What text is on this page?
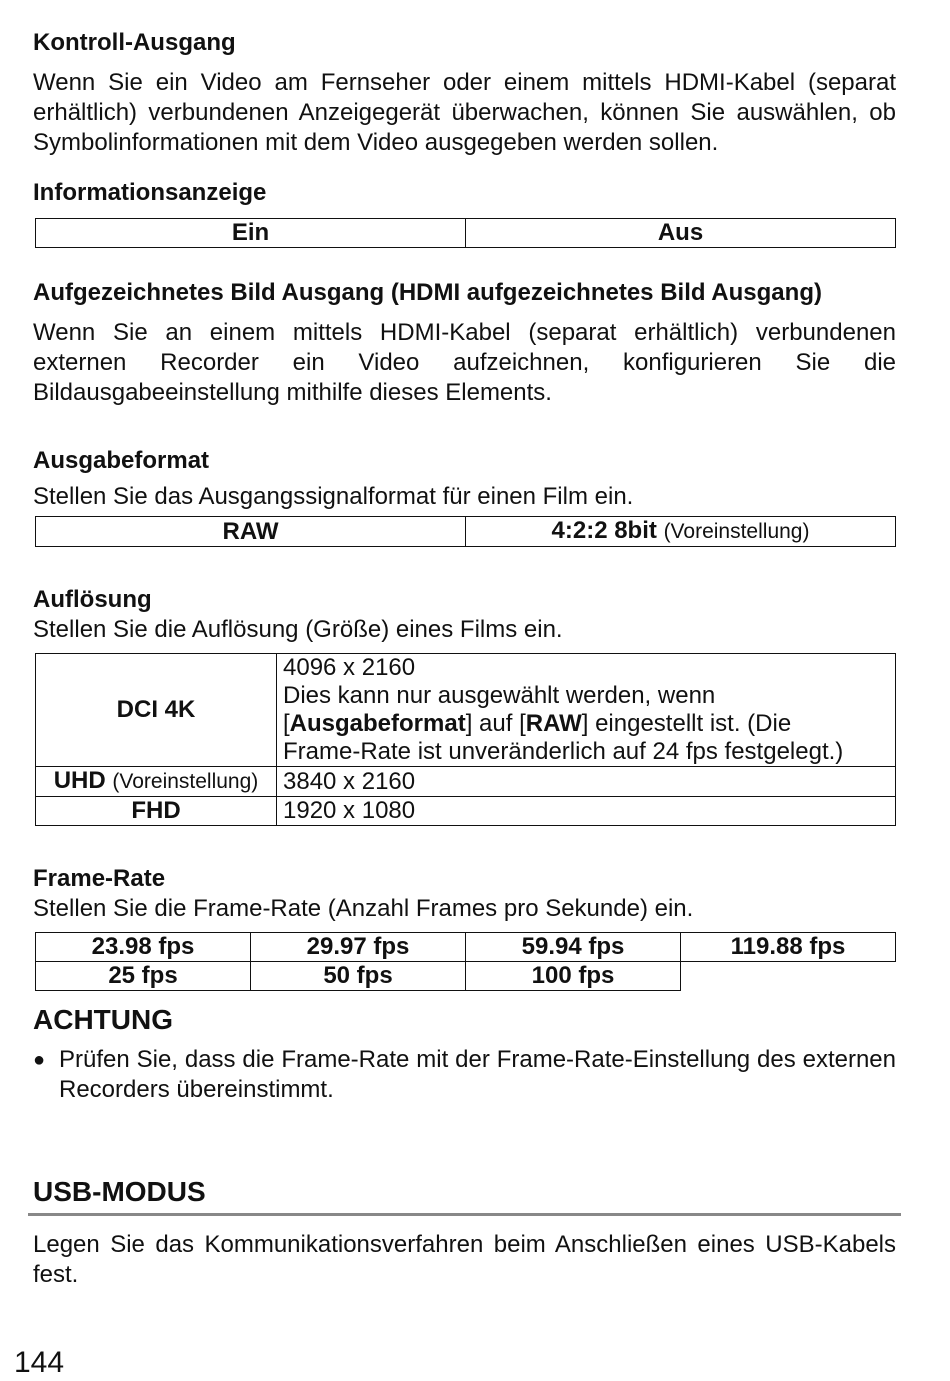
Kontroll-Ausgang

Wenn Sie ein Video am Fernseher oder einem mittels HDMI-Kabel (separat erhältlich) verbundenen Anzeigegerät überwachen, können Sie auswählen, ob Symbolinformationen mit dem Video ausgegeben werden sollen.

Informationsanzeige
Ein	Aus
Aufgezeichnetes Bild Ausgang (HDMI aufgezeichnetes Bild Ausgang)

Wenn Sie an einem mittels HDMI-Kabel (separat erhältlich) verbundenen externen Recorder ein Video aufzeichnen, konfigurieren Sie die Bildausgabeeinstellung mithilfe dieses Elements.

Ausgabeformat

Stellen Sie das Ausgangssignalformat für einen Film ein.

RAW	4:2:2 8bit (Voreinstellung)
Auflösung

Stellen Sie die Auflösung (Größe) eines Films ein.

DCI 4K	4096 x 2160
Dies kann nur ausgewählt werden, wenn
[Ausgabeformat] auf [RAW] eingestellt ist. (Die
Frame-Rate ist unveränderlich auf 24 fps festgelegt.)

UHD (Voreinstellung)	3840 x 2160
FHD	1920 x 1080
Frame-Rate

Stellen Sie die Frame-Rate (Anzahl Frames pro Sekunde) ein.

23.98 fps	29.97 fps	59.94 fps	119.88 fps
25 fps	50 fps	100 fps	
ACHTUNG
● Prüfen Sie, dass die Frame-Rate mit der Frame-Rate-Einstellung des externen Recorders übereinstimmt.

USB-MODUS

Legen Sie das Kommunikationsverfahren beim Anschließen eines USB-Kabels fest.

144
